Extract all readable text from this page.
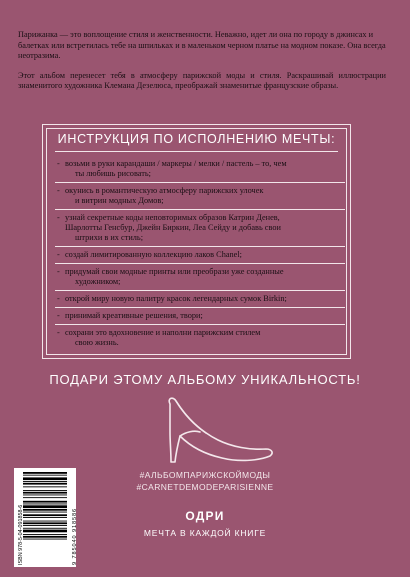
Парижанка — это воплощение стиля и женственности. Неважно, идет ли она по городу в джинсах и балетках или встретилась тебе на шпильках и в маленьком черном платье на модном показе. Она всегда неотразима.

Этот альбом перенесет тебя в атмосферу парижской моды и стиля. Раскрашивай иллюстрации знаменитого художника Клемана Дезелюса, преображай знаменитые французские образы.

ИНСТРУКЦИЯ ПО ИСПОЛНЕНИЮ МЕЧТЫ:
- возьми в руки карандаши / маркеры / мелки / пастель – то, чем
ты любишь рисовать;
- окунись в романтическую атмосферу парижских улочек
и витрин модных Домов;
- узнай секретные коды неповторимых образов Катрин Денев,
Шарлотты Генсбур, Джейн Биркин, Леа Сейду и добавь свои
штрихи в их стиль;
- создай лимитированную коллекцию лаков Chanel;
- придумай свои модные принты или преобрази уже созданные
художником;
- открой миру новую палитру красок легендарных сумок Birkin;
- принимай креативные решения, твори;
- сохрани это вдохновение и наполни парижским стилем
свою жизнь.
ПОДАРИ ЭТОМУ АЛЬБОМУ УНИКАЛЬНОСТЬ!
#АЛЬБОМПАРИЖСКОЙМОДЫ
#CARNETDEMODEPARISIENNE
ОДРИ
МЕЧТА В КАЖДОЙ КНИГЕ
ISBN 978-5-04-091858-6	9 785040 918586
